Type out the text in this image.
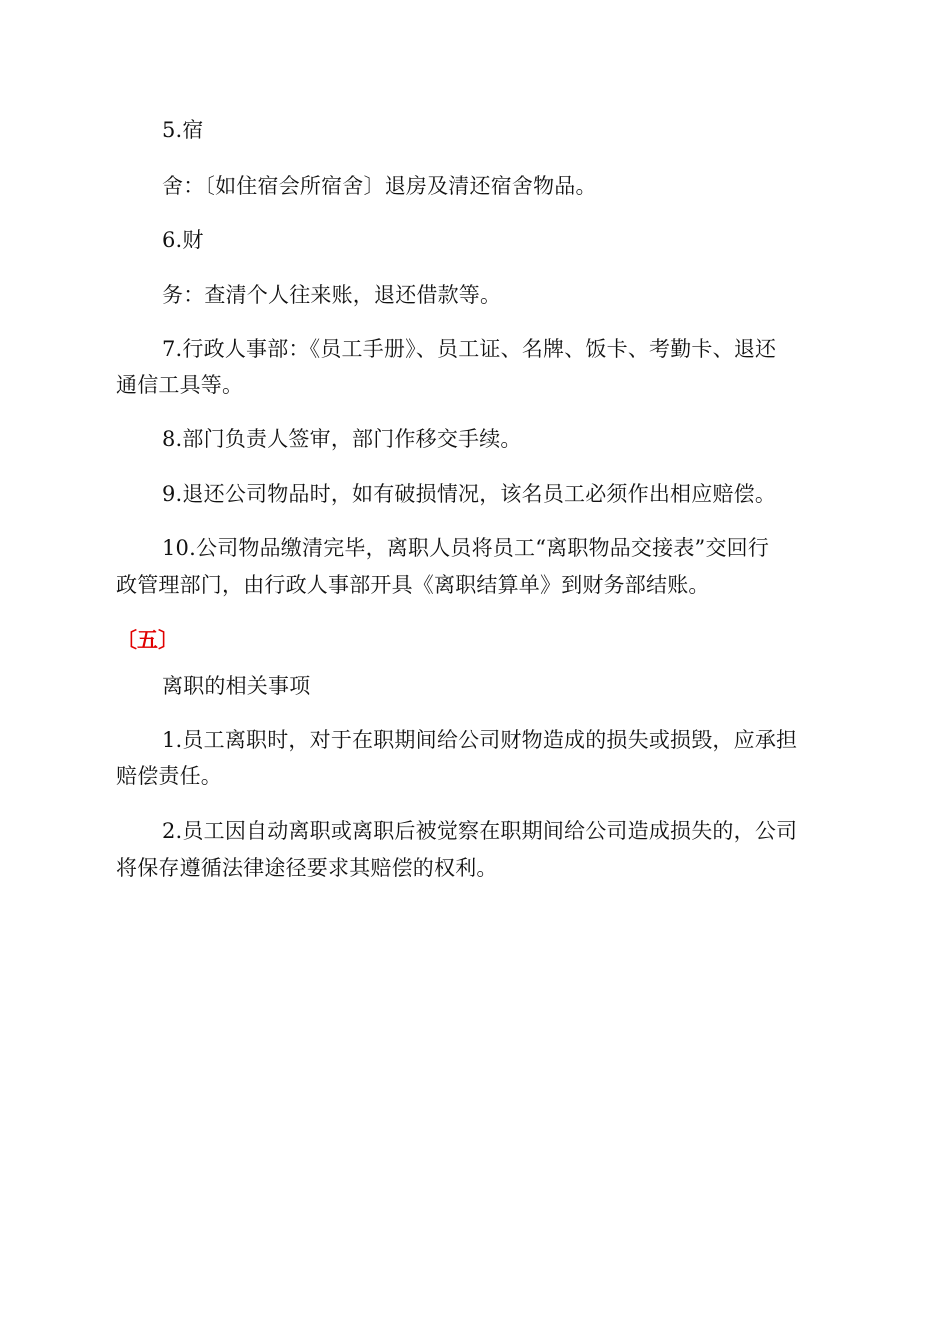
5.宿
舍：〔如住宿会所宿舍〕退房及清还宿舍物品。
6.财
务：查清个人往来账，退还借款等。
7.行政人事部：《员工手册》、员工证、名牌、饭卡、考勤卡、退还
通信工具等。
8.部门负责人签审，部门作移交手续。
9.退还公司物品时，如有破损情况，该名员工必须作出相应赔偿。
10.公司物品缴清完毕，离职人员将员工“离职物品交接表”交回行
政管理部门，由行政人事部开具《离职结算单》到财务部结账。
〔五〕
离职的相关事项
1.员工离职时，对于在职期间给公司财物造成的损失或损毁，应承担
赔偿责任。
2.员工因自动离职或离职后被觉察在职期间给公司造成损失的，公司
将保存遵循法律途径要求其赔偿的权利。
